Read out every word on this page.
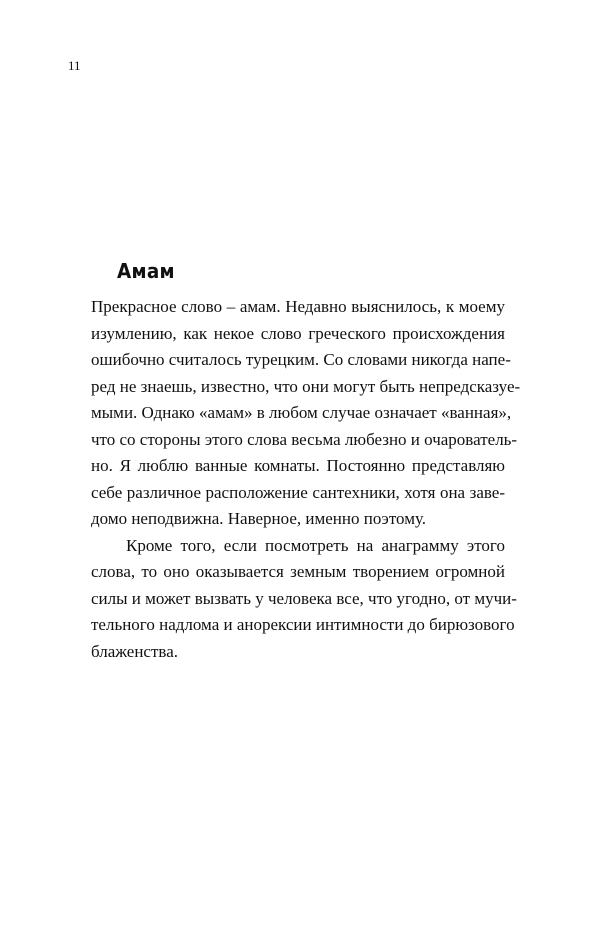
11
Амам
Прекрасное слово – амам. Недавно выяснилось, к моему
изумлению, как некое слово греческого происхождения
ошибочно считалось турецким. Со словами никогда напе-
ред не знаешь, известно, что они могут быть непредсказуе-
мыми. Однако «амам» в любом случае означает «ванная»,
что со стороны этого слова весьма любезно и очарователь-
но. Я люблю ванные комнаты. Постоянно представляю
себе различное расположение сантехники, хотя она заве-
домо неподвижна. Наверное, именно поэтому.
Кроме того, если посмотреть на анаграмму этого
слова, то оно оказывается земным творением огромной
силы и может вызвать у человека все, что угодно, от мучи-
тельного надлома и анорексии интимности до бирюзового
блаженства.
